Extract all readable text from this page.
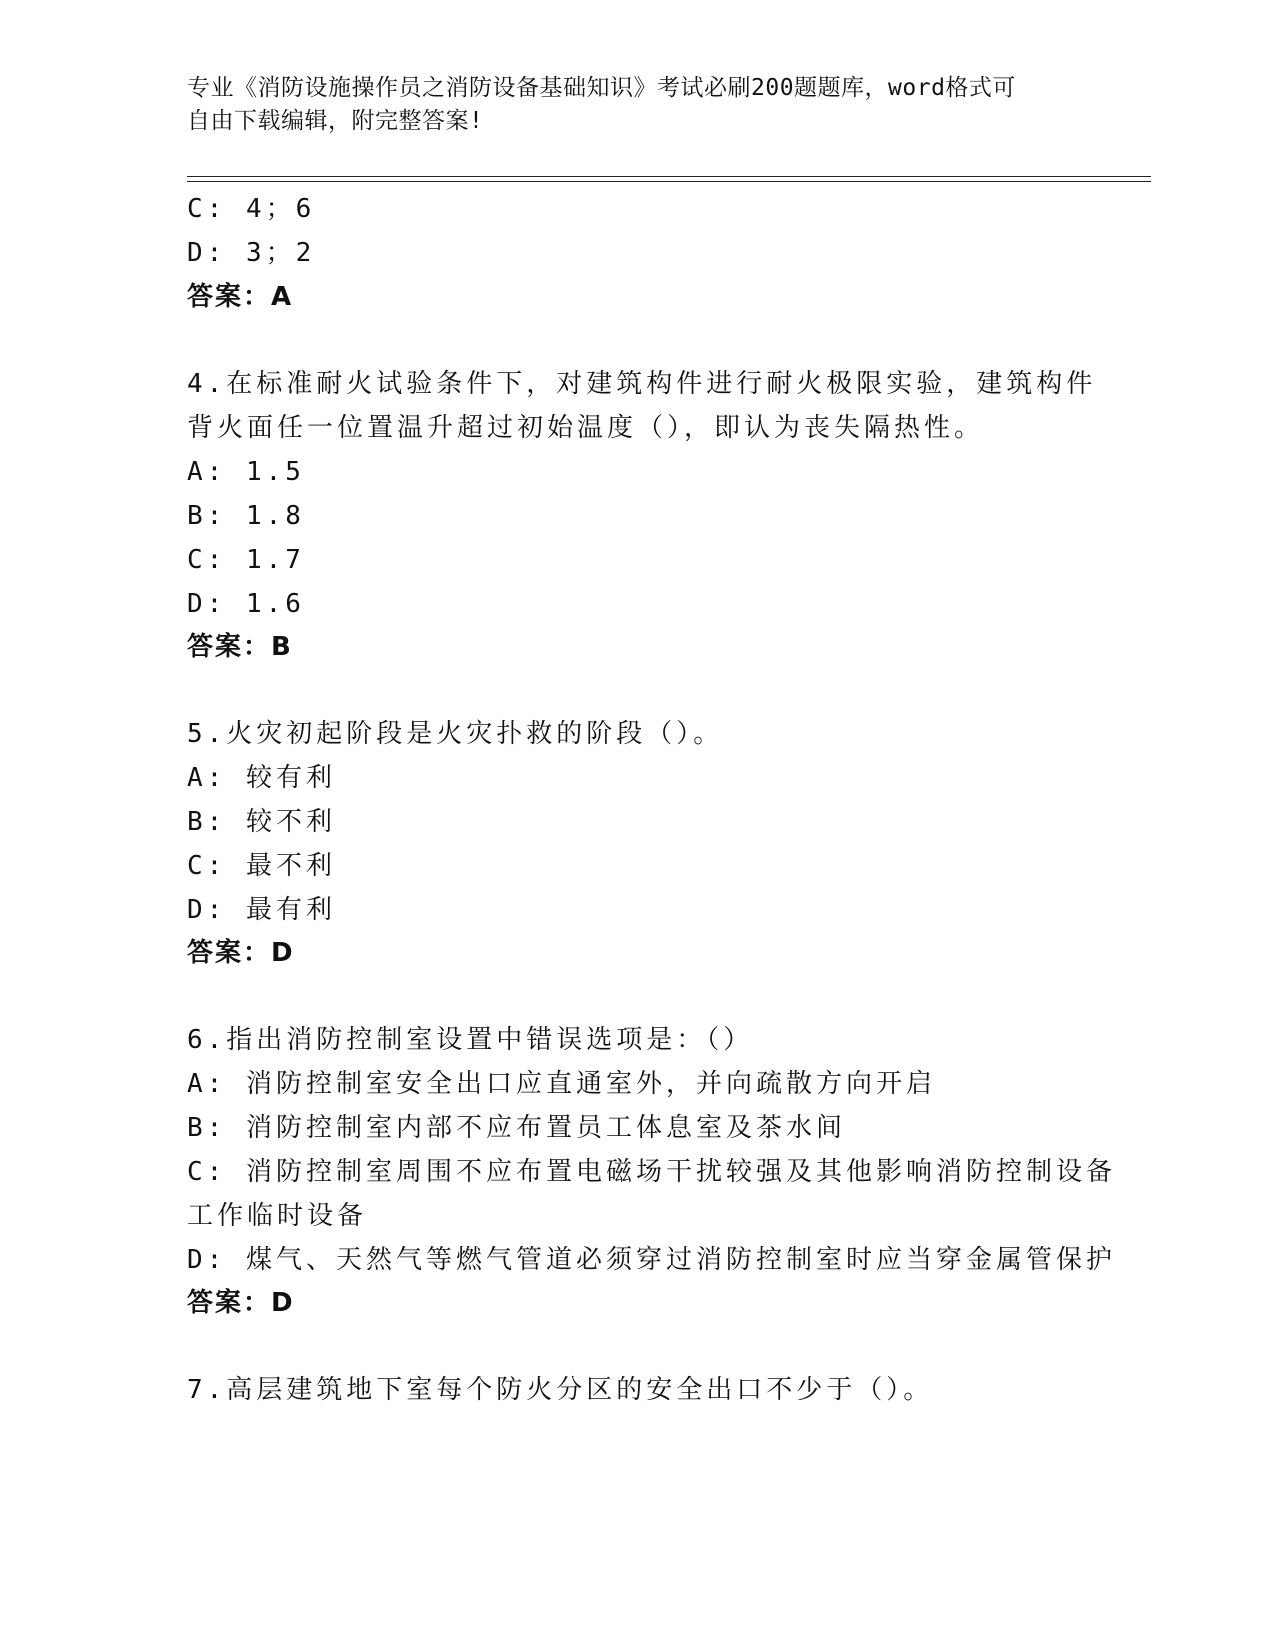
专业《消防设施操作员之消防设备基础知识》考试必刷200题题库，word格式可
自由下载编辑，附完整答案!
C: 4；6
D: 3；2
答案：A
4.在标准耐火试验条件下，对建筑构件进行耐火极限实验，建筑构件
背火面任一位置温升超过初始温度（），即认为丧失隔热性。
A: 1.5
B: 1.8
C: 1.7
D: 1.6
答案：B
5.火灾初起阶段是火灾扑救的阶段（）。
A: 较有利
B: 较不利
C: 最不利
D: 最有利
答案：D
6.指出消防控制室设置中错误选项是：（）
A: 消防控制室安全出口应直通室外，并向疏散方向开启
B: 消防控制室内部不应布置员工体息室及茶水间
C: 消防控制室周围不应布置电磁场干扰较强及其他影响消防控制设备
工作临时设备
D: 煤气、天然气等燃气管道必须穿过消防控制室时应当穿金属管保护
答案：D
7.高层建筑地下室每个防火分区的安全出口不少于（）。
